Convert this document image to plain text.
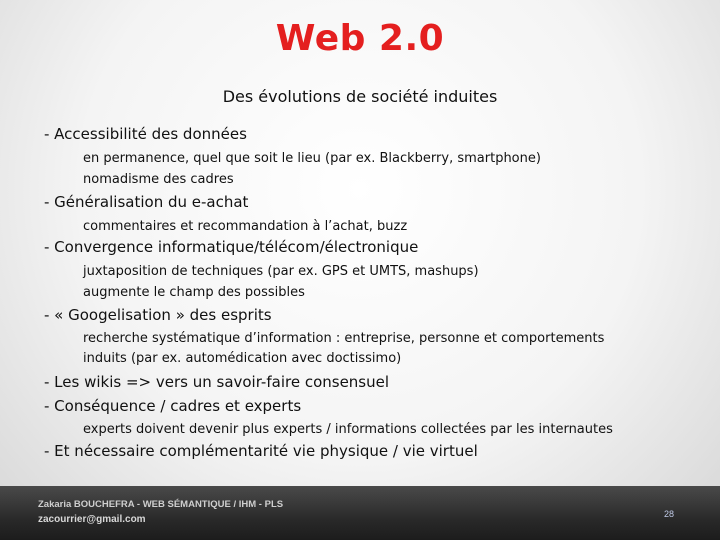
Web 2.0
Des évolutions de société induites
- Accessibilité des données
en permanence, quel que soit le lieu (par ex. Blackberry, smartphone)
nomadisme des cadres
- Généralisation du e-achat
commentaires et recommandation à l’achat, buzz
- Convergence informatique/télécom/électronique
juxtaposition de techniques (par ex. GPS et UMTS, mashups)
augmente le champ des possibles
- « Googelisation » des esprits
recherche systématique d’information : entreprise, personne et comportements
induits (par ex. automédication avec doctissimo)
- Les wikis => vers un savoir-faire consensuel
- Conséquence / cadres et experts
experts doivent devenir plus experts / informations collectées par les internautes
- Et nécessaire complémentarité vie physique / vie virtuel
Zakaria BOUCHEFRA - WEB SÉMANTIQUE / IHM - PLS
zacourrier@gmail.com	28
